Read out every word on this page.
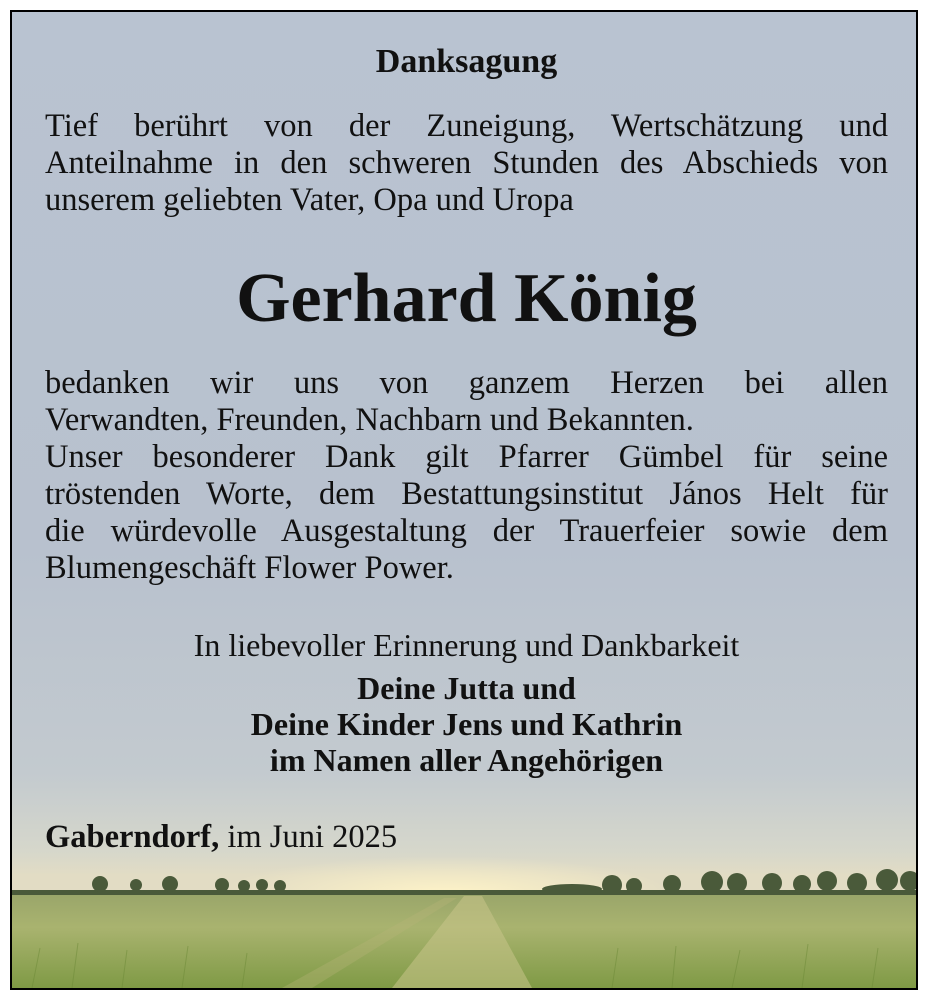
Danksagung
Tief berührt von der Zuneigung, Wertschätzung und
Anteilnahme in den schweren Stunden des Abschieds von
unserem geliebten Vater, Opa und Uropa
Gerhard König
bedanken wir uns von ganzem Herzen bei allen
Verwandten, Freunden, Nachbarn und Bekannten.
Unser besonderer Dank gilt Pfarrer Gümbel für seine
tröstenden Worte, dem Bestattungsinstitut János Helt für
die würdevolle Ausgestaltung der Trauerfeier sowie dem
Blumengeschäft Flower Power.
In liebevoller Erinnerung und Dankbarkeit
Deine Jutta und
Deine Kinder Jens und Kathrin
im Namen aller Angehörigen
Gaberndorf, im Juni 2025
